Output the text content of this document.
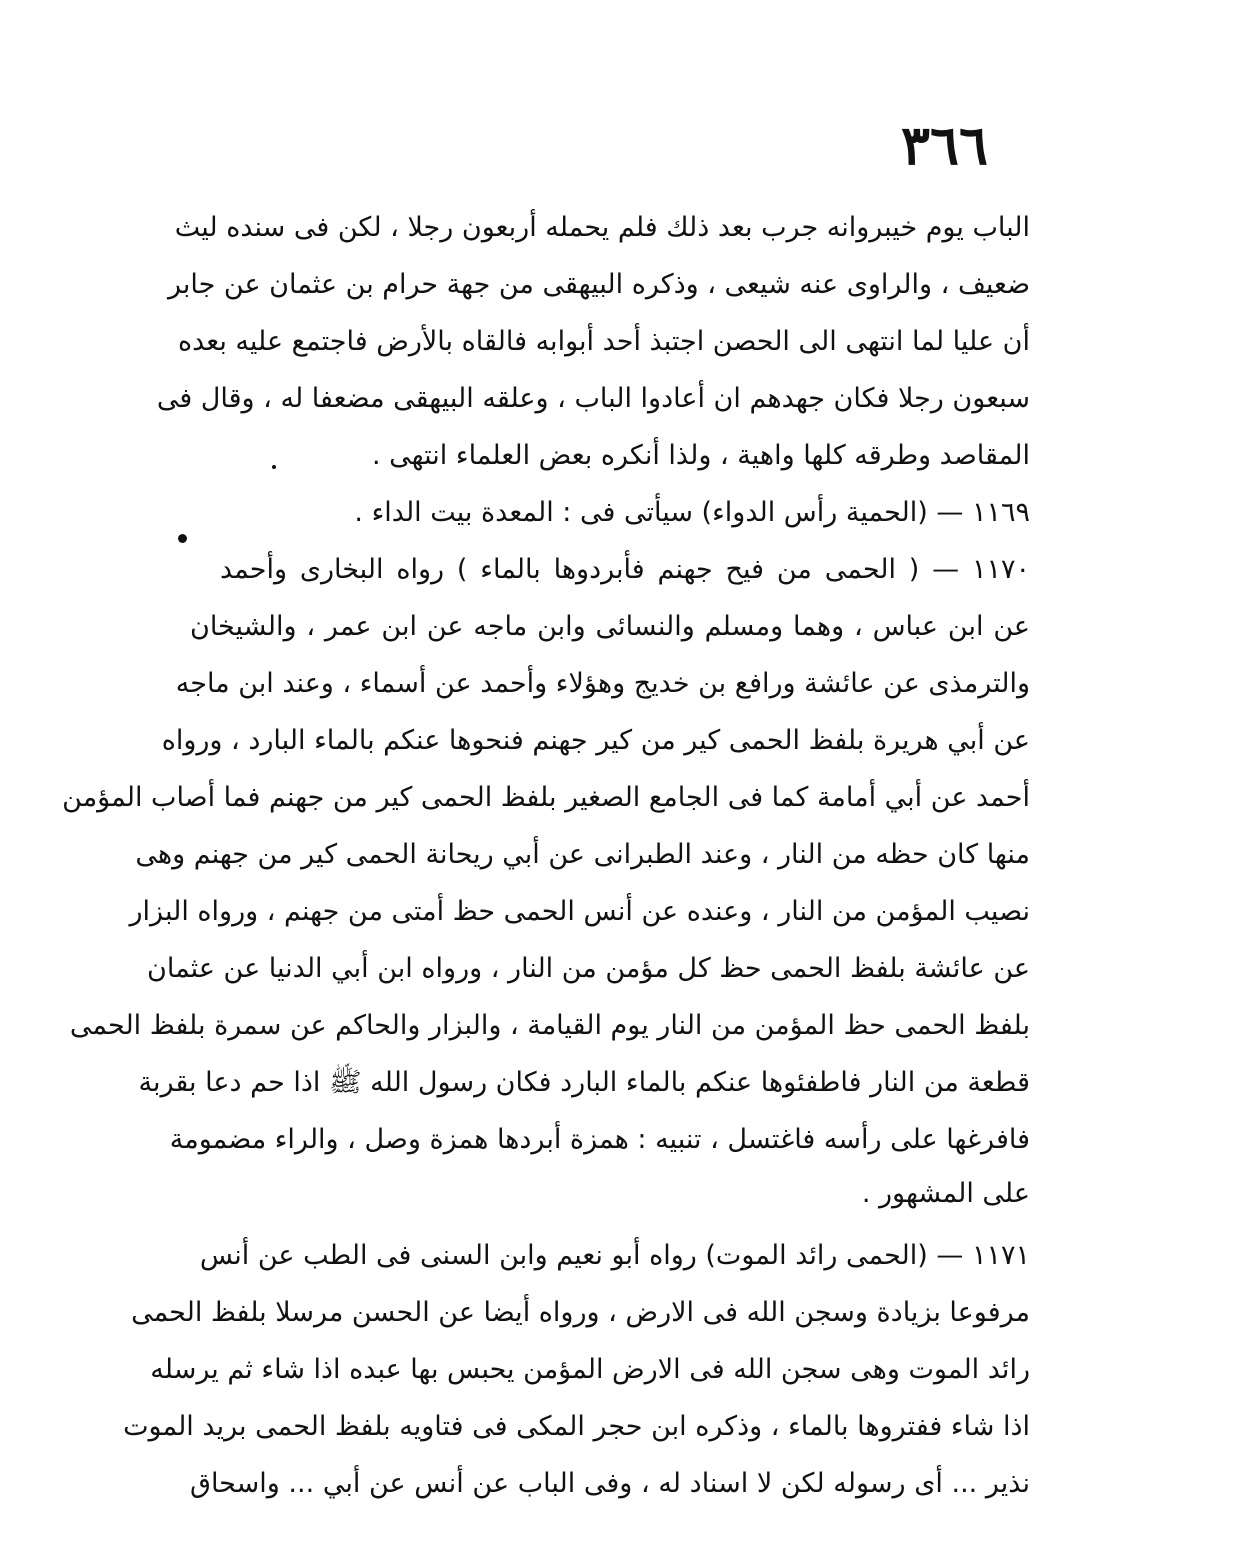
٣٦٦
الباب يوم خيبروانه جرب بعد ذلك فلم يحمله أربعون رجلا ، لكن فى سنده ليث
ضعيف ، والراوى عنه شيعى ، وذكره البيهقى من جهة حرام بن عثمان عن جابر
أن عليا لما انتهى الى الحصن اجتبذ أحد أبوابه فالقاه بالأرض فاجتمع عليه بعده
سبعون رجلا فكان جهدهم ان أعادوا الباب ، وعلقه البيهقى مضعفا له ، وقال فى
المقاصد وطرقه كلها واهية ، ولذا أنكره بعض العلماء انتهى .
١١٦٩ — (الحمية رأس الدواء) سيأتى فى : المعدة بيت الداء .
١١٧٠ — ( الحمى من فيح جهنم فأبردوها بالماء ) رواه البخارى وأحمد
عن ابن عباس ، وهما ومسلم والنسائى وابن ماجه عن ابن عمر ، والشيخان
والترمذى عن عائشة ورافع بن خديج وهؤلاء وأحمد عن أسماء ، وعند ابن ماجه
عن أبي هريرة بلفظ الحمى كير من كير جهنم فنحوها عنكم بالماء البارد ، ورواه
أحمد عن أبي أمامة كما فى الجامع الصغير بلفظ الحمى كير من جهنم فما أصاب المؤمن
منها كان حظه من النار ، وعند الطبرانى عن أبي ريحانة الحمى كير من جهنم وهى
نصيب المؤمن من النار ، وعنده عن أنس الحمى حظ أمتى من جهنم ، ورواه البزار
عن عائشة بلفظ الحمى حظ كل مؤمن من النار ، ورواه ابن أبي الدنيا عن عثمان
بلفظ الحمى حظ المؤمن من النار يوم القيامة ، والبزار والحاكم عن سمرة بلفظ الحمى
قطعة من النار فاطفئوها عنكم بالماء البارد فكان رسول الله ﷺ اذا حم دعا بقربة
فافرغها على رأسه فاغتسل ، تنبيه : همزة أبردها همزة وصل ، والراء مضمومة
على المشهور .
١١٧١ — (الحمى رائد الموت) رواه أبو نعيم وابن السنى فى الطب عن أنس
مرفوعا بزيادة وسجن الله فى الارض ، ورواه أيضا عن الحسن مرسلا بلفظ الحمى
رائد الموت وهى سجن الله فى الارض المؤمن يحبس بها عبده اذا شاء ثم يرسله
اذا شاء ففتروها بالماء ، وذكره ابن حجر المكى فى فتاويه بلفظ الحمى بريد الموت
نذير ... أى رسوله لكن لا اسناد له ، وفى الباب عن أنس عن أبي ... واسحاق
